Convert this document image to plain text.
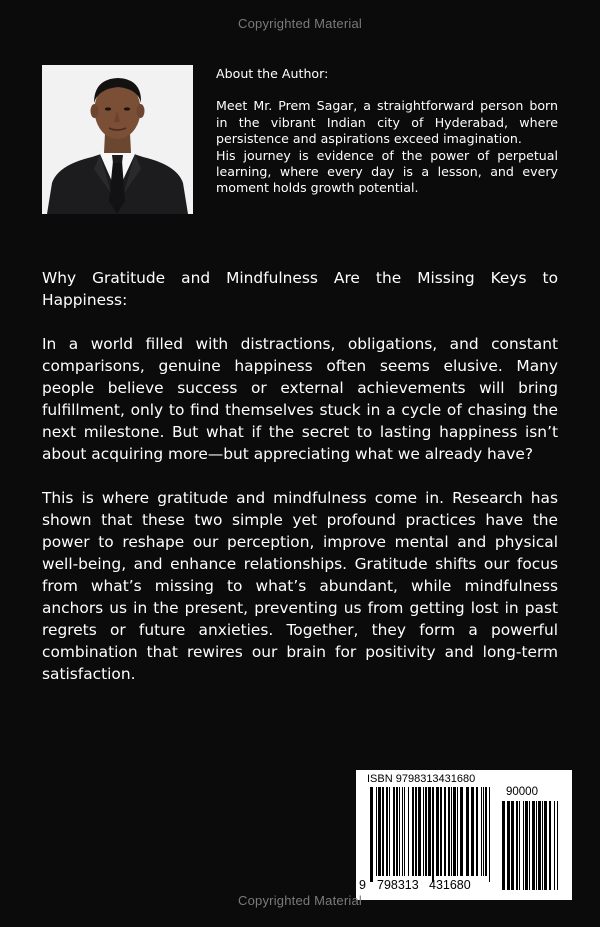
Copyrighted Material

About the Author:

Meet Mr. Prem Sagar, a straightforward person born in the vibrant Indian city of Hyderabad, where persistence and aspirations exceed imagination.

His journey is evidence of the power of perpetual learning, where every day is a lesson, and every moment holds growth potential.

Why Gratitude and Mindfulness Are the Missing Keys to Happiness:

In a world filled with distractions, obligations, and constant comparisons, genuine happiness often seems elusive. Many people believe success or external achievements will bring fulfillment, only to find themselves stuck in a cycle of chasing the next milestone. But what if the secret to lasting happiness isn’t about acquiring more—but appreciating what we already have?

This is where gratitude and mindfulness come in. Research has shown that these two simple yet profound practices have the power to reshape our perception, improve mental and physical well-being, and enhance relationships. Gratitude shifts our focus from what’s missing to what’s abundant, while mindfulness anchors us in the present, preventing us from getting lost in past regrets or future anxieties. Together, they form a powerful combination that rewires our brain for positivity and long-term satisfaction.

ISBN 9798313431680
90000
9 798313 431680
Copyrighted Material
